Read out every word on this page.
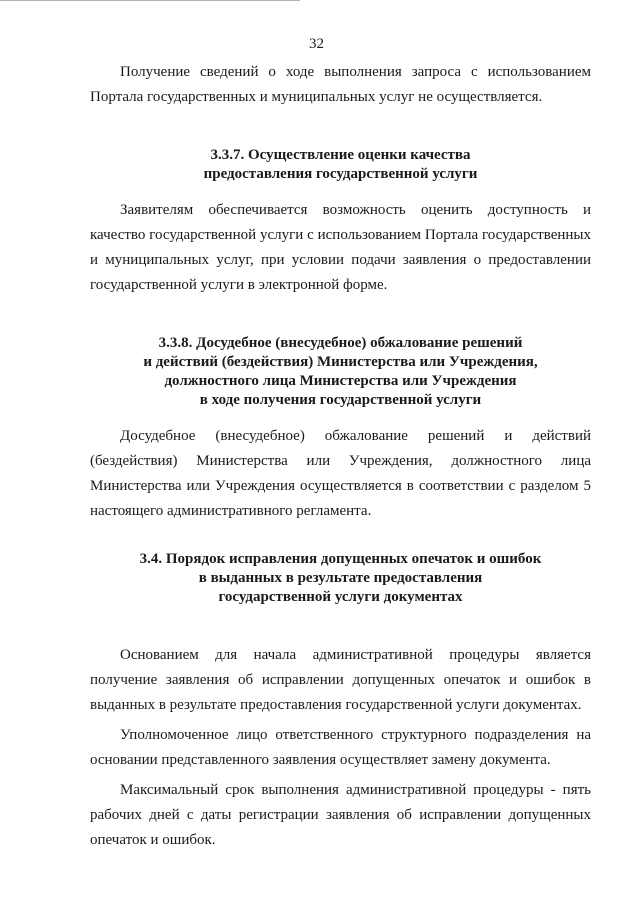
32

Получение сведений о ходе выполнения запроса с использованием Порталa государственных и муниципальных услуг не осуществляется.

3.3.7. Осуществление оценки качества
предоставления государственной услуги

Заявителям обеспечивается возможность оценить доступность и качество государственной услуги с использованием Портала государственных и муниципальных услуг, при условии подачи заявления о предоставлении государственной услуги в электронной форме.

3.3.8. Досудебное (внесудебное) обжалование решений
и действий (бездействия) Министерства или Учреждения,
должностного лица Министерства или Учреждения
в ходе получения государственной услуги

Досудебное (внесудебное) обжалование решений и действий (бездействия) Министерства или Учреждения, должностного лица Министерства или Учреждения осуществляется в соответствии с разделом 5 настоящего административного регламента.

3.4. Порядок исправления допущенных опечаток и ошибок
в выданных в результате предоставления
государственной услуги документах

Основанием для начала административной процедуры является получение заявления об исправлении допущенных опечаток и ошибок в выданных в результате предоставления государственной услуги документах.

Уполномоченное лицо ответственного структурного подразделения на основании представленного заявления осуществляет замену документа.

Максимальный срок выполнения административной процедуры - пять рабочих дней с даты регистрации заявления об исправлении допущенных опечаток и ошибок.
